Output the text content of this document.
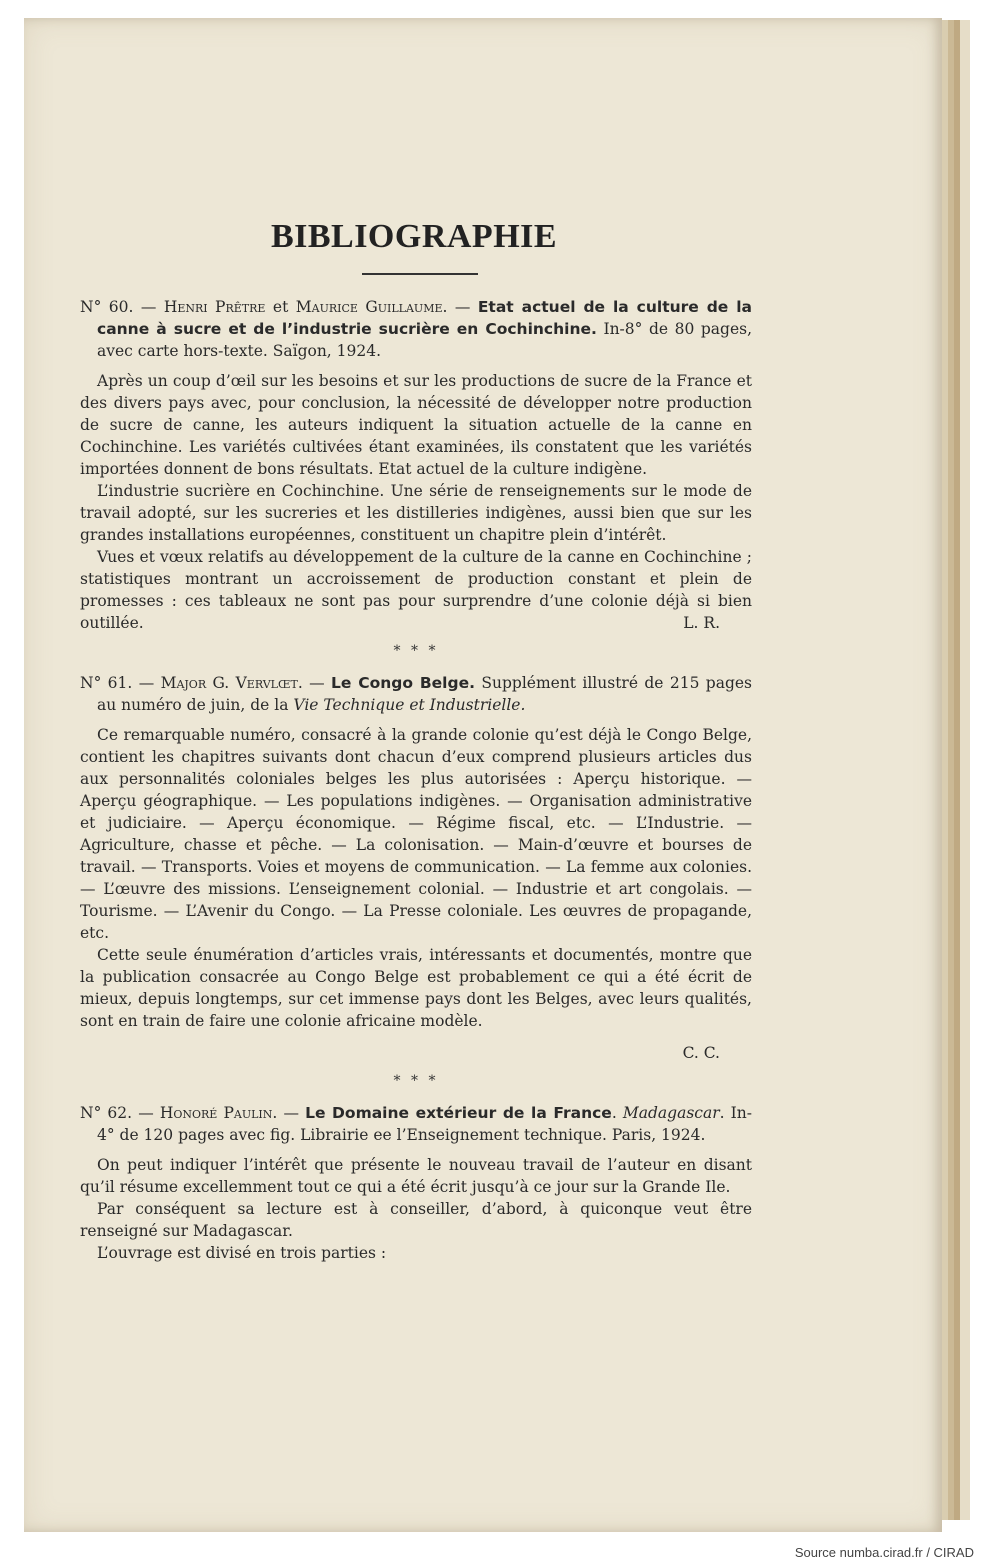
BIBLIOGRAPHIE

N° 60. — Henri Prêtre et Maurice Guillaume. — Etat actuel de la culture de la canne à sucre et de l’industrie sucrière en Cochinchine. In-8° de 80 pages, avec carte hors-texte. Saïgon, 1924.

Après un coup d’œil sur les besoins et sur les productions de sucre de la France et des divers pays avec, pour conclusion, la nécessité de développer notre production de sucre de canne, les auteurs indiquent la situation actuelle de la canne en Cochinchine. Les variétés cultivées étant examinées, ils constatent que les variétés importées donnent de bons résultats. Etat actuel de la culture indigène.

L’industrie sucrière en Cochinchine. Une série de renseignements sur le mode de travail adopté, sur les sucreries et les distilleries indigènes, aussi bien que sur les grandes installations européennes, constituent un chapitre plein d’intérêt.

Vues et vœux relatifs au développement de la culture de la canne en Cochinchine ; statistiques montrant un accroissement de production constant et plein de promesses : ces tableaux ne sont pas pour surprendre d’une colonie déjà si bien outillée.	L. R.

* * *

N° 61. — Major G. Vervlœt. — Le Congo Belge. Supplément illustré de 215 pages au numéro de juin, de la Vie Technique et Industrielle.

Ce remarquable numéro, consacré à la grande colonie qu’est déjà le Congo Belge, contient les chapitres suivants dont chacun d’eux comprend plusieurs articles dus aux personnalités coloniales belges les plus autorisées : Aperçu historique. — Aperçu géographique. — Les populations indigènes. — Organisation administrative et judiciaire. — Aperçu économique. — Régime fiscal, etc. — L’Industrie. — Agriculture, chasse et pêche. — La colonisation. — Main-d’œuvre et bourses de travail. — Transports. Voies et moyens de communication. — La femme aux colonies. — L’œuvre des missions. L’enseignement colonial. — Industrie et art congolais. — Tourisme. — L’Avenir du Congo. — La Presse coloniale. Les œuvres de propagande, etc.

Cette seule énumération d’articles vrais, intéressants et documentés, montre que la publication consacrée au Congo Belge est probablement ce qui a été écrit de mieux, depuis longtemps, sur cet immense pays dont les Belges, avec leurs qualités, sont en train de faire une colonie africaine modèle.

C. C.

* * *

N° 62. — Honoré Paulin. — Le Domaine extérieur de la France. Madagascar. In-4° de 120 pages avec fig. Librairie ee l’Enseignement technique. Paris, 1924.

On peut indiquer l’intérêt que présente le nouveau travail de l’auteur en disant qu’il résume excellemment tout ce qui a été écrit jusqu’à ce jour sur la Grande Ile.

Par conséquent sa lecture est à conseiller, d’abord, à quiconque veut être renseigné sur Madagascar.

L’ouvrage est divisé en trois parties :

Source numba.cirad.fr / CIRAD
